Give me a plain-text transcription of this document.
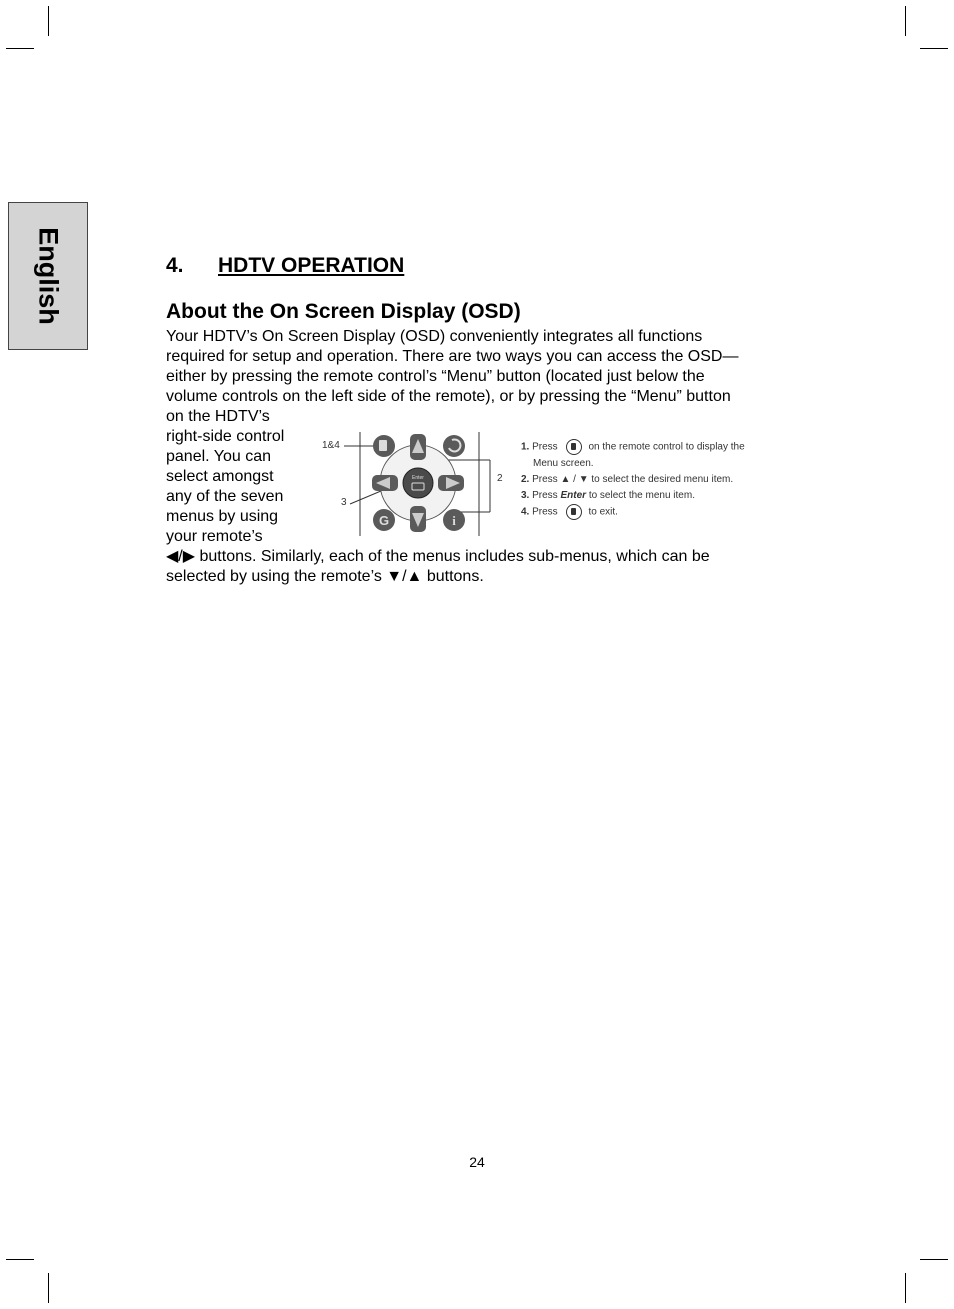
English	4. HDTV OPERATION
About the On Screen Display (OSD)
Your HDTV’s On Screen Display (OSD) conveniently integrates all functions
required for setup and operation. There are two ways you can access the OSD—
either by pressing the remote control’s “Menu” button (located just below the
volume controls on the left side of the remote), or by pressing the “Menu” button
on the HDTV’s
right-side control
panel. You can
select amongst
any of the seven
menus by using
your remote’s
◀/▶ buttons. Similarly, each of the menus includes sub-menus, which can be
selected by using the remote’s ▼/▲ buttons.
G	i
Enter
1&4
2
3
1. Press	on the remote control to display the
Menu screen.
2. Press ▲ / ▼ to select the desired menu item.
3. Press Enter to select the menu item.
4. Press	to exit.
24
